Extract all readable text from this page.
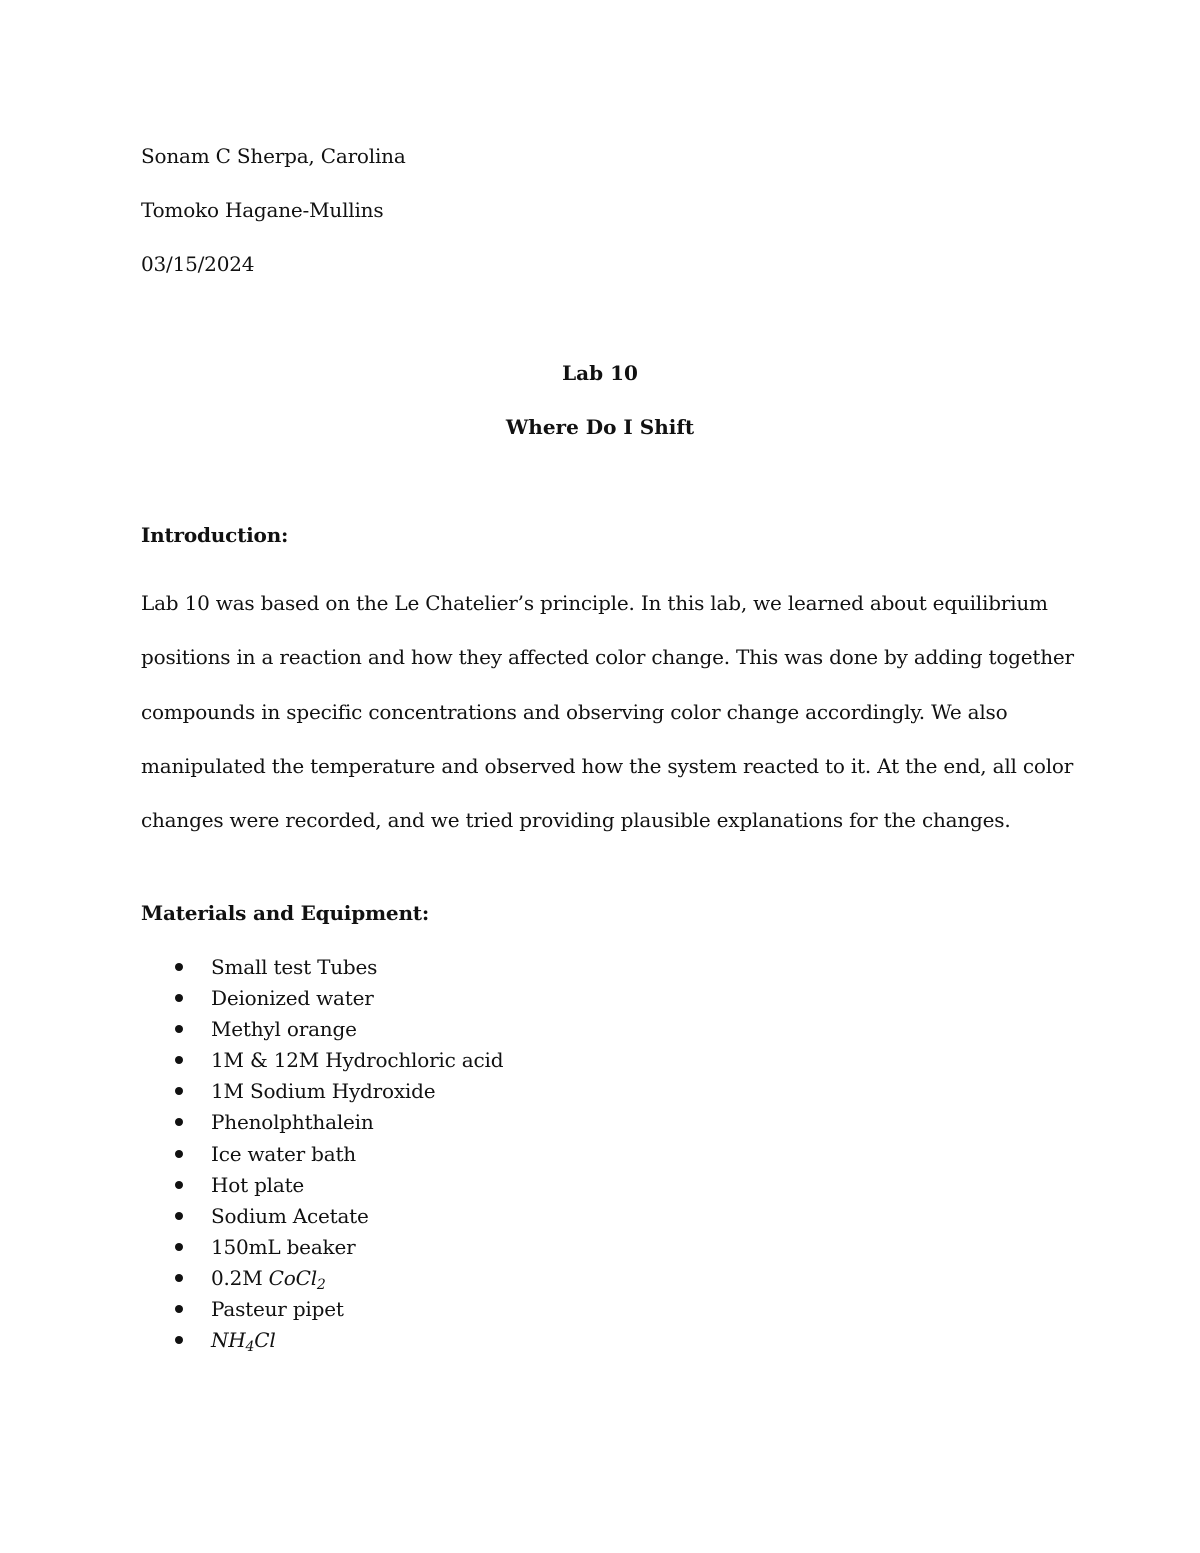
Sonam C Sherpa, Carolina
Tomoko Hagane-Mullins
03/15/2024
Lab 10
Where Do I Shift
Introduction:

Lab 10 was based on the Le Chatelier’s principle. In this lab, we learned about equilibrium
positions in a reaction and how they affected color change. This was done by adding together
compounds in specific concentrations and observing color change accordingly. We also
manipulated the temperature and observed how the system reacted to it. At the end, all color
changes were recorded, and we tried providing plausible explanations for the changes.

Materials and Equipment:
Small test Tubes
Deionized water
Methyl orange
1M & 12M Hydrochloric acid
1M Sodium Hydroxide
Phenolphthalein
Ice water bath
Hot plate
Sodium Acetate
150mL beaker
0.2M CoCl$_2$
Pasteur pipet
$NH_4Cl$
